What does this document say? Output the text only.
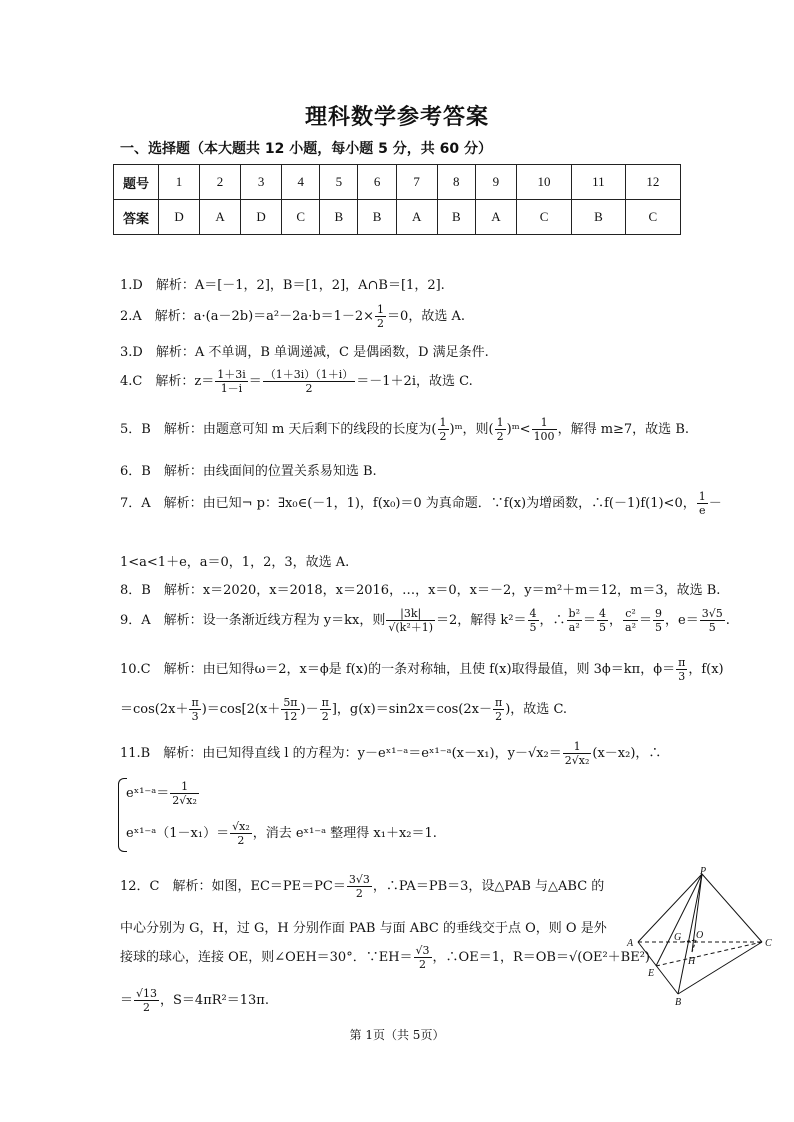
理科数学参考答案
一、选择题（本大题共 12 小题，每小题 5 分，共 60 分）
题号	1	2	3	4	5	6	7	8	9	10	11	12
答案	D	A	D	C	B	B	A	B	A	C	B	C
1.D　解析：A＝[－1，2]，B＝[1，2]，A∩B＝[1，2].
2.A　解析：$a\cdot(a-2b)=a^2-2a\cdot b=1-2\times \frac{1}{2} =0$，故选 A.
3.D　解析：A 不单调，B 单调递减，C 是偶函数，D 满足条件.
4.C　解析：$z= \frac{1+3i}{1-i} = \frac{(1+3i)(1+i)}{2} =-1+2i$，故选 C.
5．B　解析：由题意可知 m 天后剩下的线段的长度为( $\frac{1}{2}$ )ᵐ，则( $\frac{1}{2}$ )ᵐ< $\frac{1}{100}$ ，解得 m≥7，故选 B.
6．B　解析：由线面间的位置关系易知选 B.
7．A　解析：由已知¬ p：∃x₀∈(－1，1)，f(x₀)＝0 为真命题．∵f(x)为增函数，∴f(－1)f(1)<0， $\frac{1}{e}$ －
1<a<1＋e，a＝0，1，2，3，故选 A.
8．B　解析：x＝2020，x＝2018，x＝2016，…，x＝0，x＝－2，y＝m²＋m＝12，m＝3，故选 B.
9．A　解析：设一条渐近线方程为 y＝kx，则 $\frac{|3k|}{\text{√(k²＋1)}} =2$，解得 $k^2= \frac{4}{5}$ ，∴ $\frac{\text{b²}}{\text{a²}} = \frac{4}{5}$ ， $\frac{\text{c²}}{\text{a²}} = \frac{9}{5}$ ，$e= \frac{3√5}{5}$ .
10.C　解析：由已知得ω＝2，x＝ϕ是 f(x)的一条对称轴，且使 f(x)取得最值，则 3ϕ＝kπ，$\phi= \frac{\pi}{3}$ ，f(x)
$=\cos(2x+ \frac{\pi}{3} )=\cos[2(x+ \frac{5\pi}{12}$ )－ $\frac{\pi}{2}$ ]，$g(x)=\sin 2x=\cos(2x- \frac{\pi}{2}$ )，故选 C.
11.B　解析：由已知得直线 l 的方程为：y－eˣ¹⁻ᵃ＝eˣ¹⁻ᵃ(x－x₁)，$y-√x_2= \frac{1}{\text{2√x₂}} (x-x_2)$，∴
eˣ¹⁻ᵃ＝ $\frac{1}{\text{2√x₂}}$
eˣ¹⁻ᵃ（1－x₁）＝ $\frac{\text{√x₂}}{2}$ ，消去 eˣ¹⁻ᵃ 整理得 x₁＋x₂＝1.
12．C　解析：如图，$EC=PE=PC= \frac{3√3}{2}$ ，∴PA＝PB＝3，设△PAB 与△ABC 的
中心分别为 G，H，过 G，H 分别作面 PAB 与面 ABC 的垂线交于点 O，则 O 是外
接球的球心，连接 OE，则∠OEH＝30°．∵EH＝ $\frac{√3}{2}$ ，∴OE＝1，R＝OB＝√(OE²＋BE²)
＝ $\frac{√13}{2}$ ，S＝4πR²＝13π.
P
A
G O
C
H
E
B
第 1页（共 5页）
